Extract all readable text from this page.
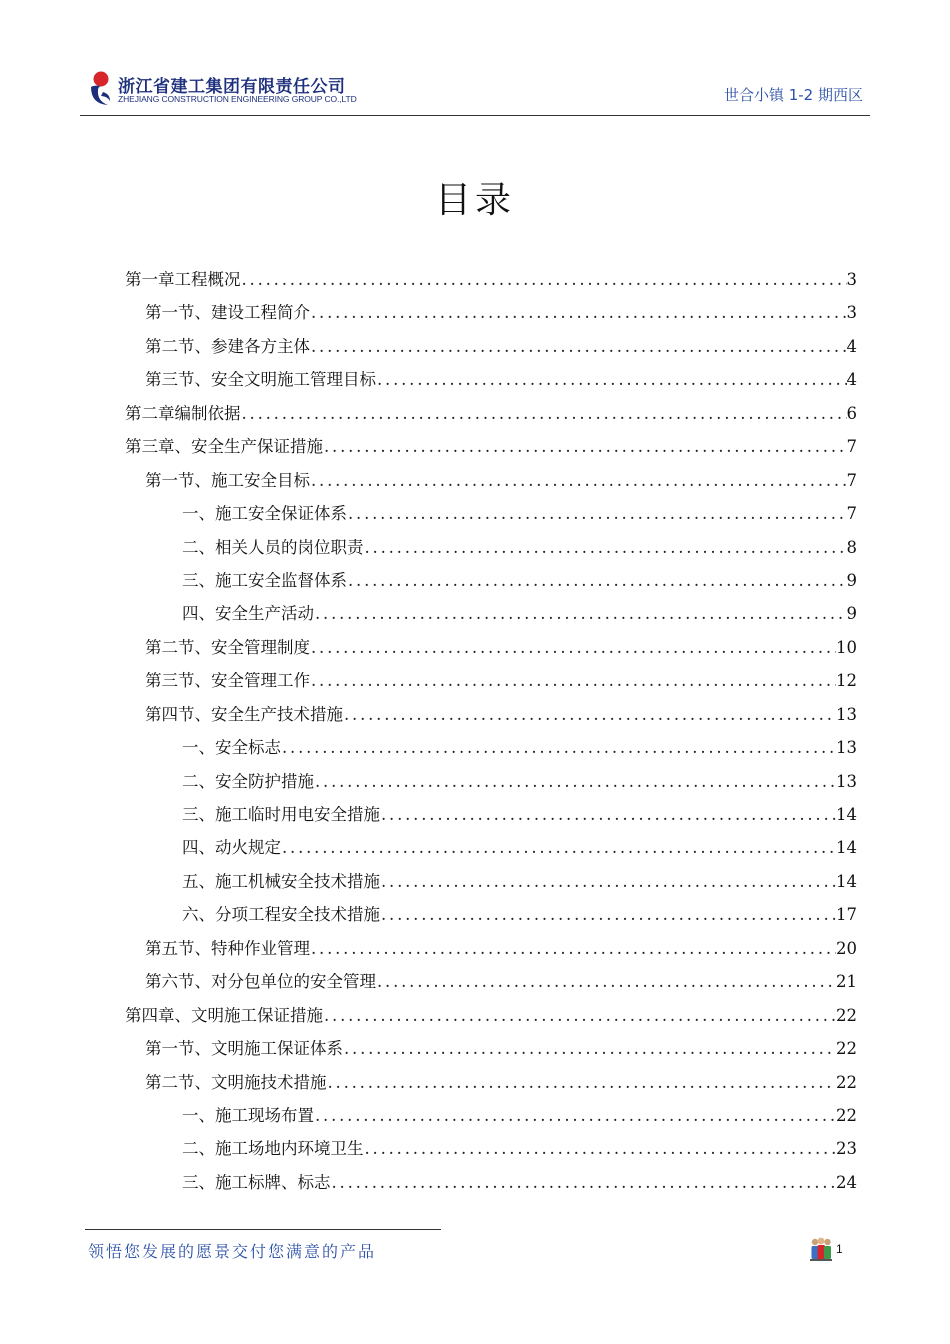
浙江省建工集团有限责任公司
ZHEJIANG CONSTRUCTION ENGINEERING GROUP CO.,LTD	世合小镇 1-2 期西区
目录
第一章工程概况 .....	3
第一节、建设工程简介 .....	3
第二节、参建各方主体 .....	4
第三节、安全文明施工管理目标 .....	4
第二章编制依据 .....	6
第三章、安全生产保证措施 .....	7
第一节、施工安全目标 .....	7
一、施工安全保证体系 .....	7
二、相关人员的岗位职责 .....	8
三、施工安全监督体系 .....	9
四、安全生产活动 .....	9
第二节、安全管理制度 .....	10
第三节、安全管理工作 .....	12
第四节、安全生产技术措施 .....	13
一、安全标志 .....	13
二、安全防护措施 .....	13
三、施工临时用电安全措施 .....	14
四、动火规定 .....	14
五、施工机械安全技术措施 .....	14
六、分项工程安全技术措施 .....	17
第五节、特种作业管理 .....	20
第六节、对分包单位的安全管理 .....	21
第四章、文明施工保证措施 .....	22
第一节、文明施工保证体系 .....	22
第二节、文明施技术措施 .....	22
一、施工现场布置 .....	22
二、施工场地内环境卫生 .....	23
三、施工标牌、标志 .....	24
领悟您发展的愿景交付您满意的产品	1
